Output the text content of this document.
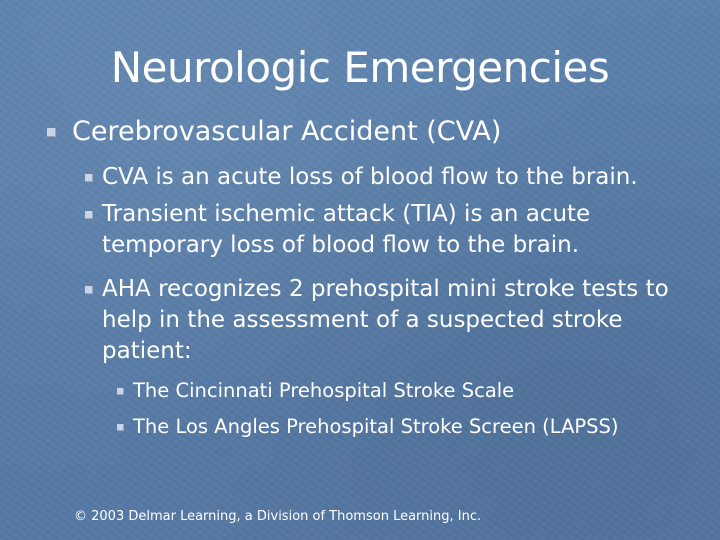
Neurologic Emergencies
Cerebrovascular Accident (CVA)
CVA is an acute loss of blood flow to the brain.
Transient ischemic attack (TIA) is an acute temporary loss of blood flow to the brain.
AHA recognizes 2 prehospital mini stroke tests to help in the assessment of a suspected stroke patient:
The Cincinnati Prehospital Stroke Scale
The Los Angles Prehospital Stroke Screen (LAPSS)
© 2003 Delmar Learning, a Division of Thomson Learning, Inc.
